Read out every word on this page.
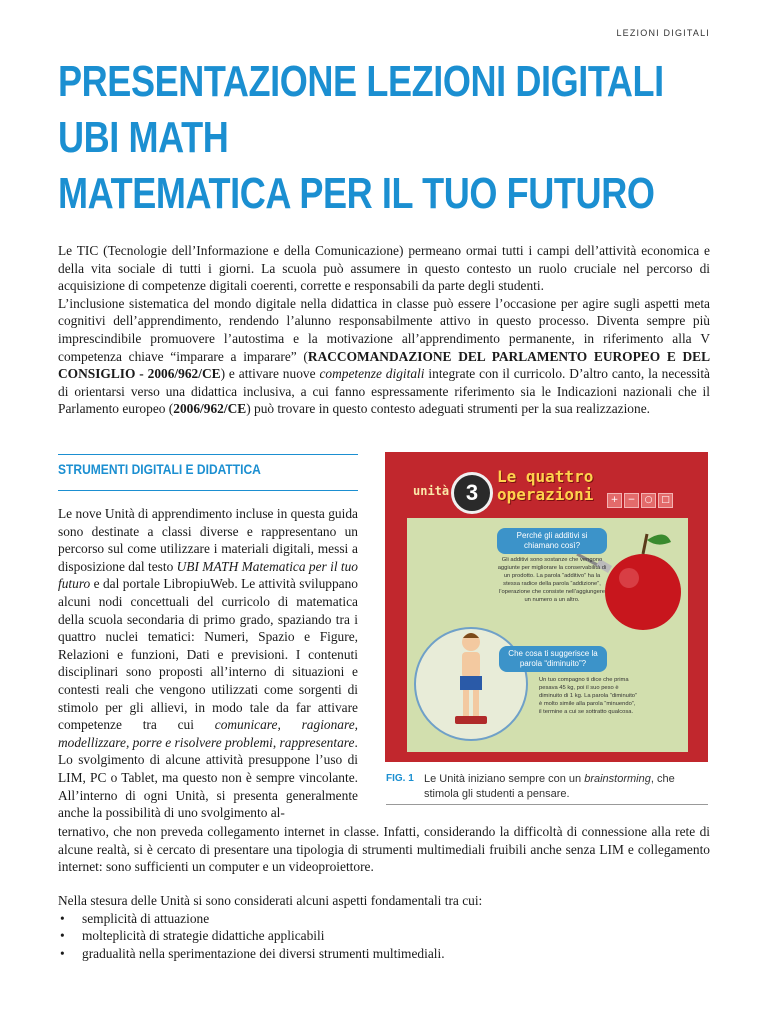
LEZIONI DIGITALI
PRESENTAZIONE LEZIONI DIGITALI
UBI MATH
MATEMATICA PER IL TUO FUTURO

Le TIC (Tecnologie dell’Informazione e della Comunicazione) permeano ormai tutti i campi dell’attività economica e della vita sociale di tutti i giorni. La scuola può assumere in questo contesto un ruolo cruciale nel percorso di acquisizione di competenze digitali coerenti, corrette e responsabili da parte degli studenti.

L’inclusione sistematica del mondo digitale nella didattica in classe può essere l’occasione per agire sugli aspetti meta cognitivi dell’apprendimento, rendendo l’alunno responsabilmente attivo in questo processo. Diventa sempre più imprescindibile promuovere l’autostima e la motivazione all’apprendimento permanente, in riferimento alla V competenza chiave “imparare a imparare” (RACCOMANDAZIONE DEL PARLAMENTO EUROPEO E DEL CONSIGLIO - 2006/962/CE) e attivare nuove competenze digitali integrate con il curricolo. D’altro canto, la necessità di orientarsi verso una didattica inclusiva, a cui fanno espressamente riferimento sia le Indicazioni nazionali che il Parlamento europeo (2006/962/CE) può trovare in questo contesto adeguati strumenti per la sua realizzazione.

STRUMENTI DIGITALI E DIDATTICA

Le nove Unità di apprendimento incluse in questa guida sono destinate a classi diverse e rappresentano un percorso sul come utilizzare i materiali digitali, messi a disposizione dal testo UBI MATH Matematica per il tuo futuro e dal portale LibropiuWeb. Le attività sviluppano alcuni nodi concettuali del curricolo di matematica della scuola secondaria di primo grado, spaziando tra i quattro nuclei tematici: Numeri, Spazio e Figure, Relazioni e funzioni, Dati e previsioni. I contenuti disciplinari sono proposti all’interno di situazioni e contesti reali che vengono utilizzati come sorgenti di stimolo per gli allievi, in modo tale da far attivare competenze tra cui comunicare, ragionare, modellizzare, porre e risolvere problemi, rappresentare.

Lo svolgimento di alcune attività presuppone l’uso di LIM, PC o Tablet, ma questo non è sempre vincolante. All’interno di ogni Unità, si presenta generalmente anche la possibilità di uno svolgimento al-

unità 3
Le quattro
operazioni	+ − ○ □
Perché gli additivi si chiamano così?
Gli additivi sono sostanze che vengono aggiunte per migliorare la conservabilità di un prodotto. La parola “additivo” ha la stessa radice della parola “addizione”, l’operazione che consiste nell’aggiungere un numero a un altro.
Che cosa ti suggerisce la parola “diminuito”?
Un tuo compagno ti dice che prima pesava 45 kg, poi il suo peso è diminuito di 1 kg. La parola “diminuito” è molto simile alla parola “minuendo”, il termine a cui se sottratto qualcosa.
FIG. 1 Le Unità iniziano sempre con un brainstorming, che stimola gli studenti a pensare.
ternativo, che non preveda collegamento internet in classe. Infatti, considerando la difficoltà di connessione alla rete di alcune realtà, si è cercato di presentare una tipologia di strumenti multimediali fruibili anche senza LIM e collegamento internet: sono sufficienti un computer e un videoproiettore.

Nella stesura delle Unità si sono considerati alcuni aspetti fondamentali tra cui:

• semplicità di attuazione
• molteplicità di strategie didattiche applicabili
• gradualità nella sperimentazione dei diversi strumenti multimediali.
